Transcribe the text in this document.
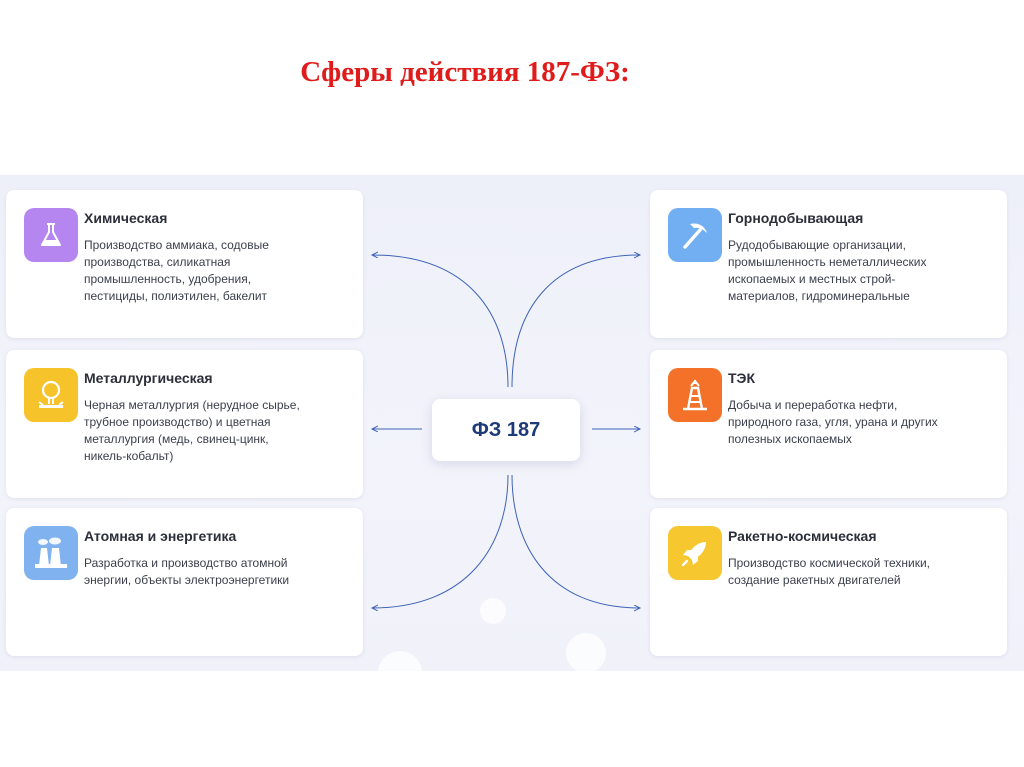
Сферы действия 187-ФЗ:
Химическая
Производство аммиака, содовые производства, силикатная промышленность, удобрения, пестициды, полиэтилен, бакелит
Металлургическая
Черная металлургия (нерудное сырье, трубное производство) и цветная металлургия (медь, свинец-цинк, никель-кобальт)
Атомная и энергетика
Разработка и производство атомной энергии, объекты электроэнергетики
Горнодобывающая
Рудодобывающие организации, промышленность неметаллических ископаемых и местных строй-материалов, гидроминеральные
ТЭК
Добыча и переработка нефти, природного газа, угля, урана и других полезных ископаемых
Ракетно-космическая
Производство космической техники, создание ракетных двигателей
ФЗ 187
